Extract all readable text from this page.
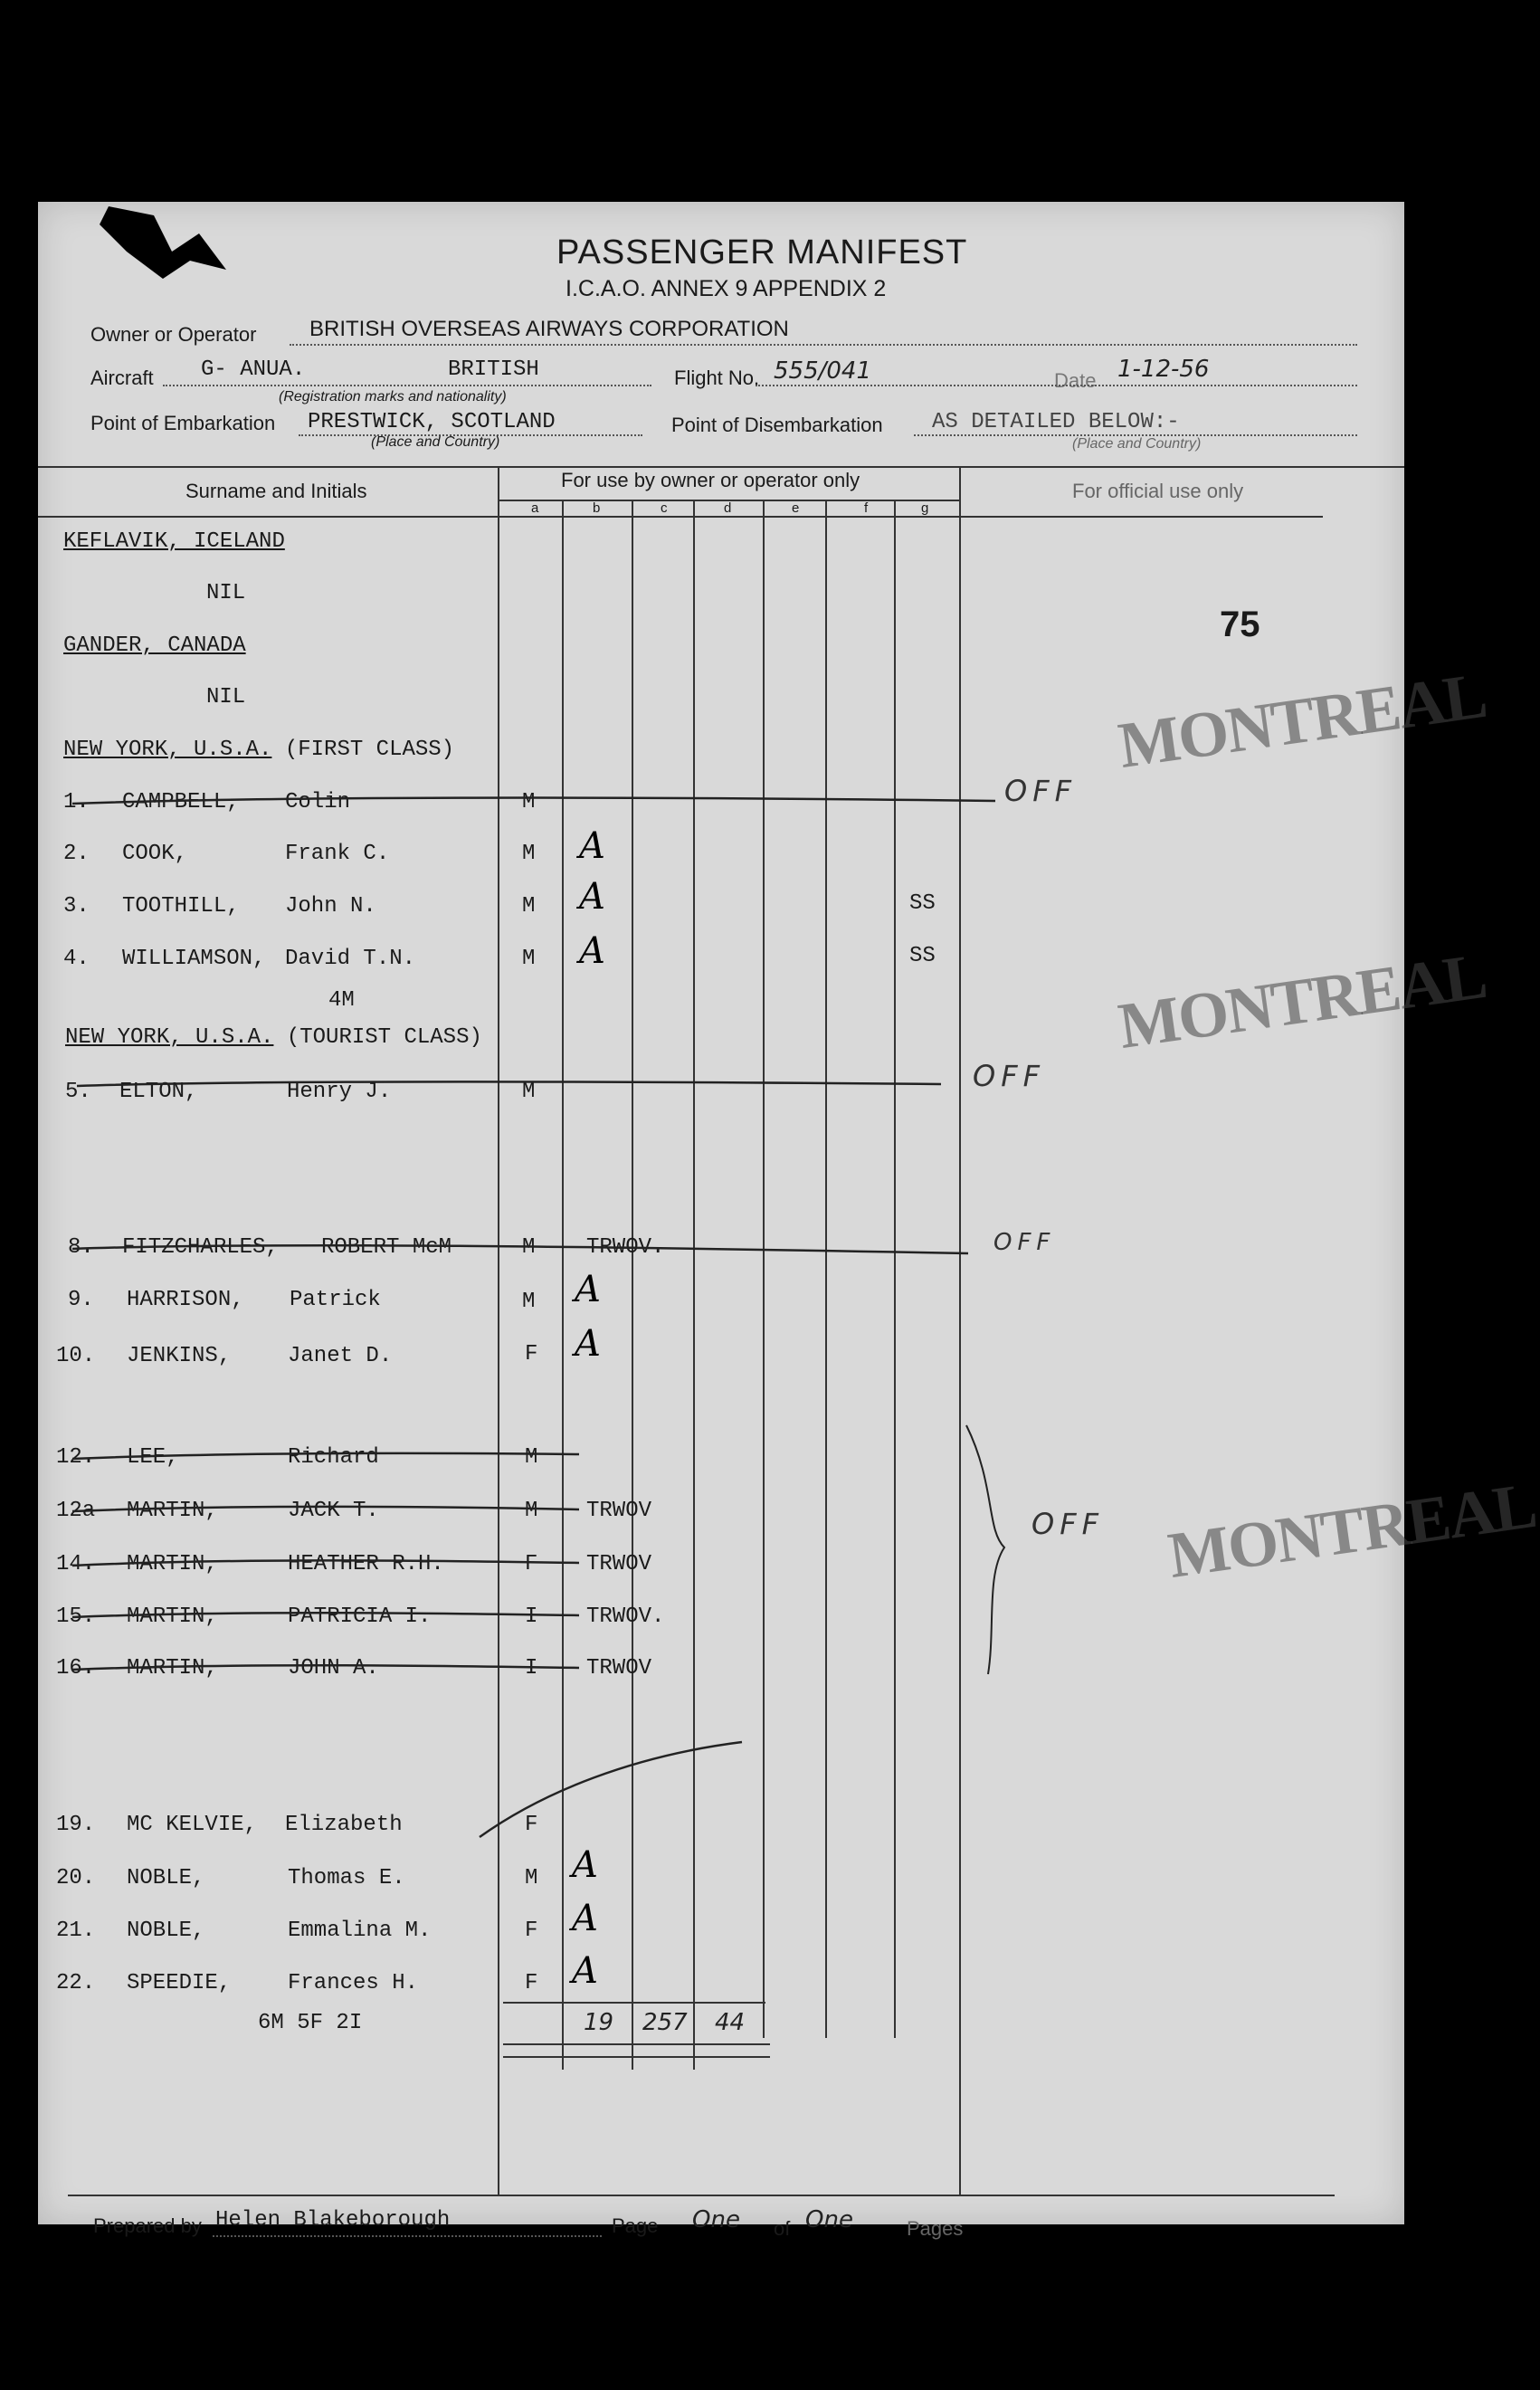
PASSENGER MANIFEST
I.C.A.O. ANNEX 9 APPENDIX 2
Owner or Operator BRITISH OVERSEAS AIRWAYS CORPORATION
Aircraft G- ANUA.	BRITISH
(Registration marks and nationality)
Flight No. 555/041	Date 1-12-56
Point of Embarkation PRESTWICK, SCOTLAND
(Place and Country)
Point of Disembarkation AS DETAILED BELOW:-
(Place and Country)
Surname and Initials	For use by owner or operator only	For official use only
a	b	c	d	e	f	g
KEFLAVIK, ICELAND
NIL
GANDER, CANADA
NIL
NEW YORK, U.S.A. (FIRST CLASS)
4M
NEW YORK, U.S.A. (TOURIST CLASS)
1. CAMPBELL, Colin	M
2. COOK,	Frank C.	M A
3. TOOTHILL, John N.	M A	SS
4. WILLIAMSON, David T.N.	M A	SS
5. ELTON,	Henry J.	M
8. FITZCHARLES, ROBERT McM	M TRWOV.
9. HARRISON, Patrick	M A
10. JENKINS,	Janet D.	F A
12. LEE,	Richard	M
12a MARTIN,	JACK T.	M TRWOV
14. MARTIN,	HEATHER R.H.	F TRWOV
15. MARTIN,	PATRICIA I.	I TRWOV.
16. MARTIN,	JOHN A.	I TRWOV
19. MC KELVIE, Elizabeth	F
20. NOBLE,	Thomas E.	M A
21. NOBLE,	Emmalina M.	F A
22. SPEEDIE,	Frances H.	F A
6M 5F 2I	19 257 44
75
MONTREAL
MONTREAL
MONTREAL
OFF
OFF
OFF
OFF
Prepared by Helen Blakeborough	Page One of One	Pages
